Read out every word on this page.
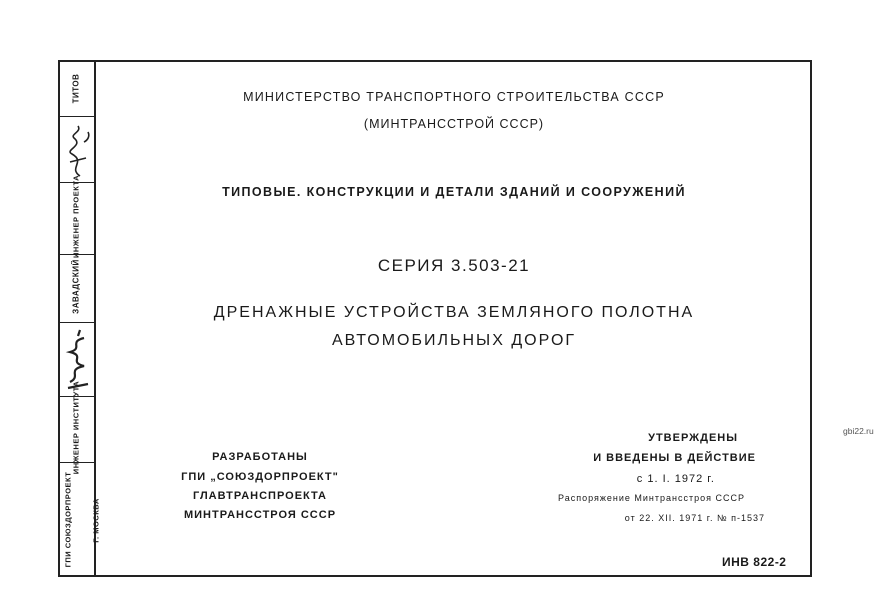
ТИТОВ
ИНЖЕНЕР ПРОЕКТА
ЗАВАДСКИЙ
ИНЖЕНЕР ИНСТИТУТА
ГПИ СОЮЗДОРПРОЕКТ	Г. МОСКВА
МИНИСТЕРСТВО ТРАНСПОРТНОГО СТРОИТЕЛЬСТВА СССР
(МИНТРАНССТРОЙ СССР)
ТИПОВЫЕ. КОНСТРУКЦИИ И ДЕТАЛИ ЗДАНИЙ И СООРУЖЕНИЙ
СЕРИЯ 3.503-21
ДРЕНАЖНЫЕ УСТРОЙСТВА ЗЕМЛЯНОГО ПОЛОТНА
АВТОМОБИЛЬНЫХ ДОРОГ
РАЗРАБОТАНЫ
ГПИ „СОЮЗДОРПРОЕКТ"
ГЛАВТРАНСПРОЕКТА
МИНТРАНССТРОЯ СССР
УТВЕРЖДЕНЫ
И ВВЕДЕНЫ В ДЕЙСТВИЕ
с 1. I. 1972 г.
Распоряжение Минтрансстроя СССР
от 22. XII. 1971 г. № п-1537
ИНВ 822-2
gbi22.ru
